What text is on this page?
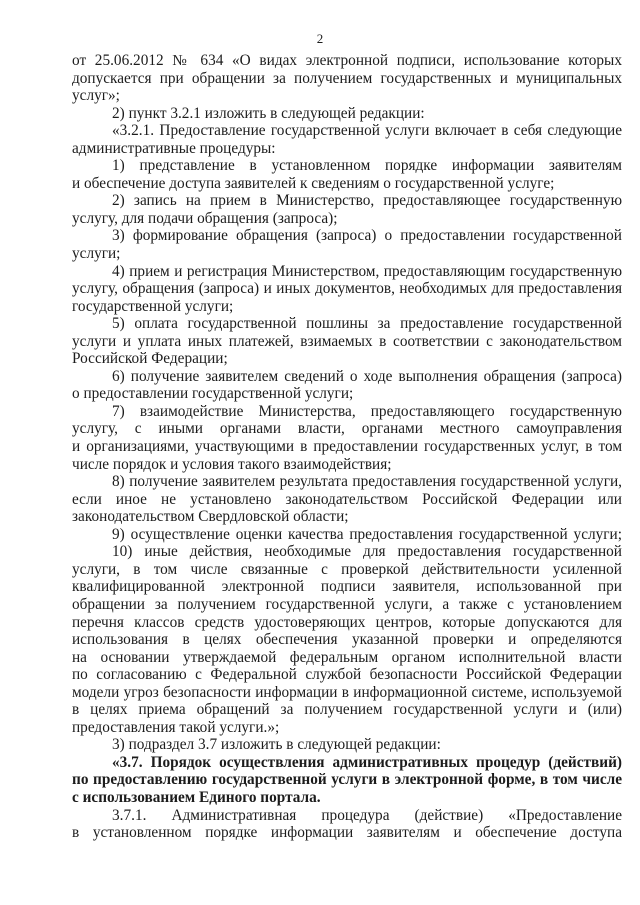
2
от 25.06.2012 № 634 «О видах электронной подписи, использование которых
допускается при обращении за получением государственных и муниципальных
услуг»;
2) пункт 3.2.1 изложить в следующей редакции:
«3.2.1. Предоставление государственной услуги включает в себя следующие
административные процедуры:
1) представление в установленном порядке информации заявителям
и обеспечение доступа заявителей к сведениям о государственной услуге;
2) запись на прием в Министерство, предоставляющее государственную
услугу, для подачи обращения (запроса);
3) формирование обращения (запроса) о предоставлении государственной
услуги;
4) прием и регистрация Министерством, предоставляющим государственную
услугу, обращения (запроса) и иных документов, необходимых для предоставления
государственной услуги;
5) оплата государственной пошлины за предоставление государственной
услуги и уплата иных платежей, взимаемых в соответствии с законодательством
Российской Федерации;
6) получение заявителем сведений о ходе выполнения обращения (запроса)
о предоставлении государственной услуги;
7) взаимодействие Министерства, предоставляющего государственную
услугу, с иными органами власти, органами местного самоуправления
и организациями, участвующими в предоставлении государственных услуг, в том
числе порядок и условия такого взаимодействия;
8) получение заявителем результата предоставления государственной услуги,
если иное не установлено законодательством Российской Федерации или
законодательством Свердловской области;
9) осуществление оценки качества предоставления государственной услуги;
10) иные действия, необходимые для предоставления государственной
услуги, в том числе связанные с проверкой действительности усиленной
квалифицированной электронной подписи заявителя, использованной при
обращении за получением государственной услуги, а также с установлением
перечня классов средств удостоверяющих центров, которые допускаются для
использования в целях обеспечения указанной проверки и определяются
на основании утверждаемой федеральным органом исполнительной власти
по согласованию с Федеральной службой безопасности Российской Федерации
модели угроз безопасности информации в информационной системе, используемой
в целях приема обращений за получением государственной услуги и (или)
предоставления такой услуги.»;
3) подраздел 3.7 изложить в следующей редакции:
«3.7. Порядок осуществления административных процедур (действий)
по предоставлению государственной услуги в электронной форме, в том числе
с использованием Единого портала.
3.7.1. Административная процедура (действие) «Предоставление
в установленном порядке информации заявителям и обеспечение доступа
